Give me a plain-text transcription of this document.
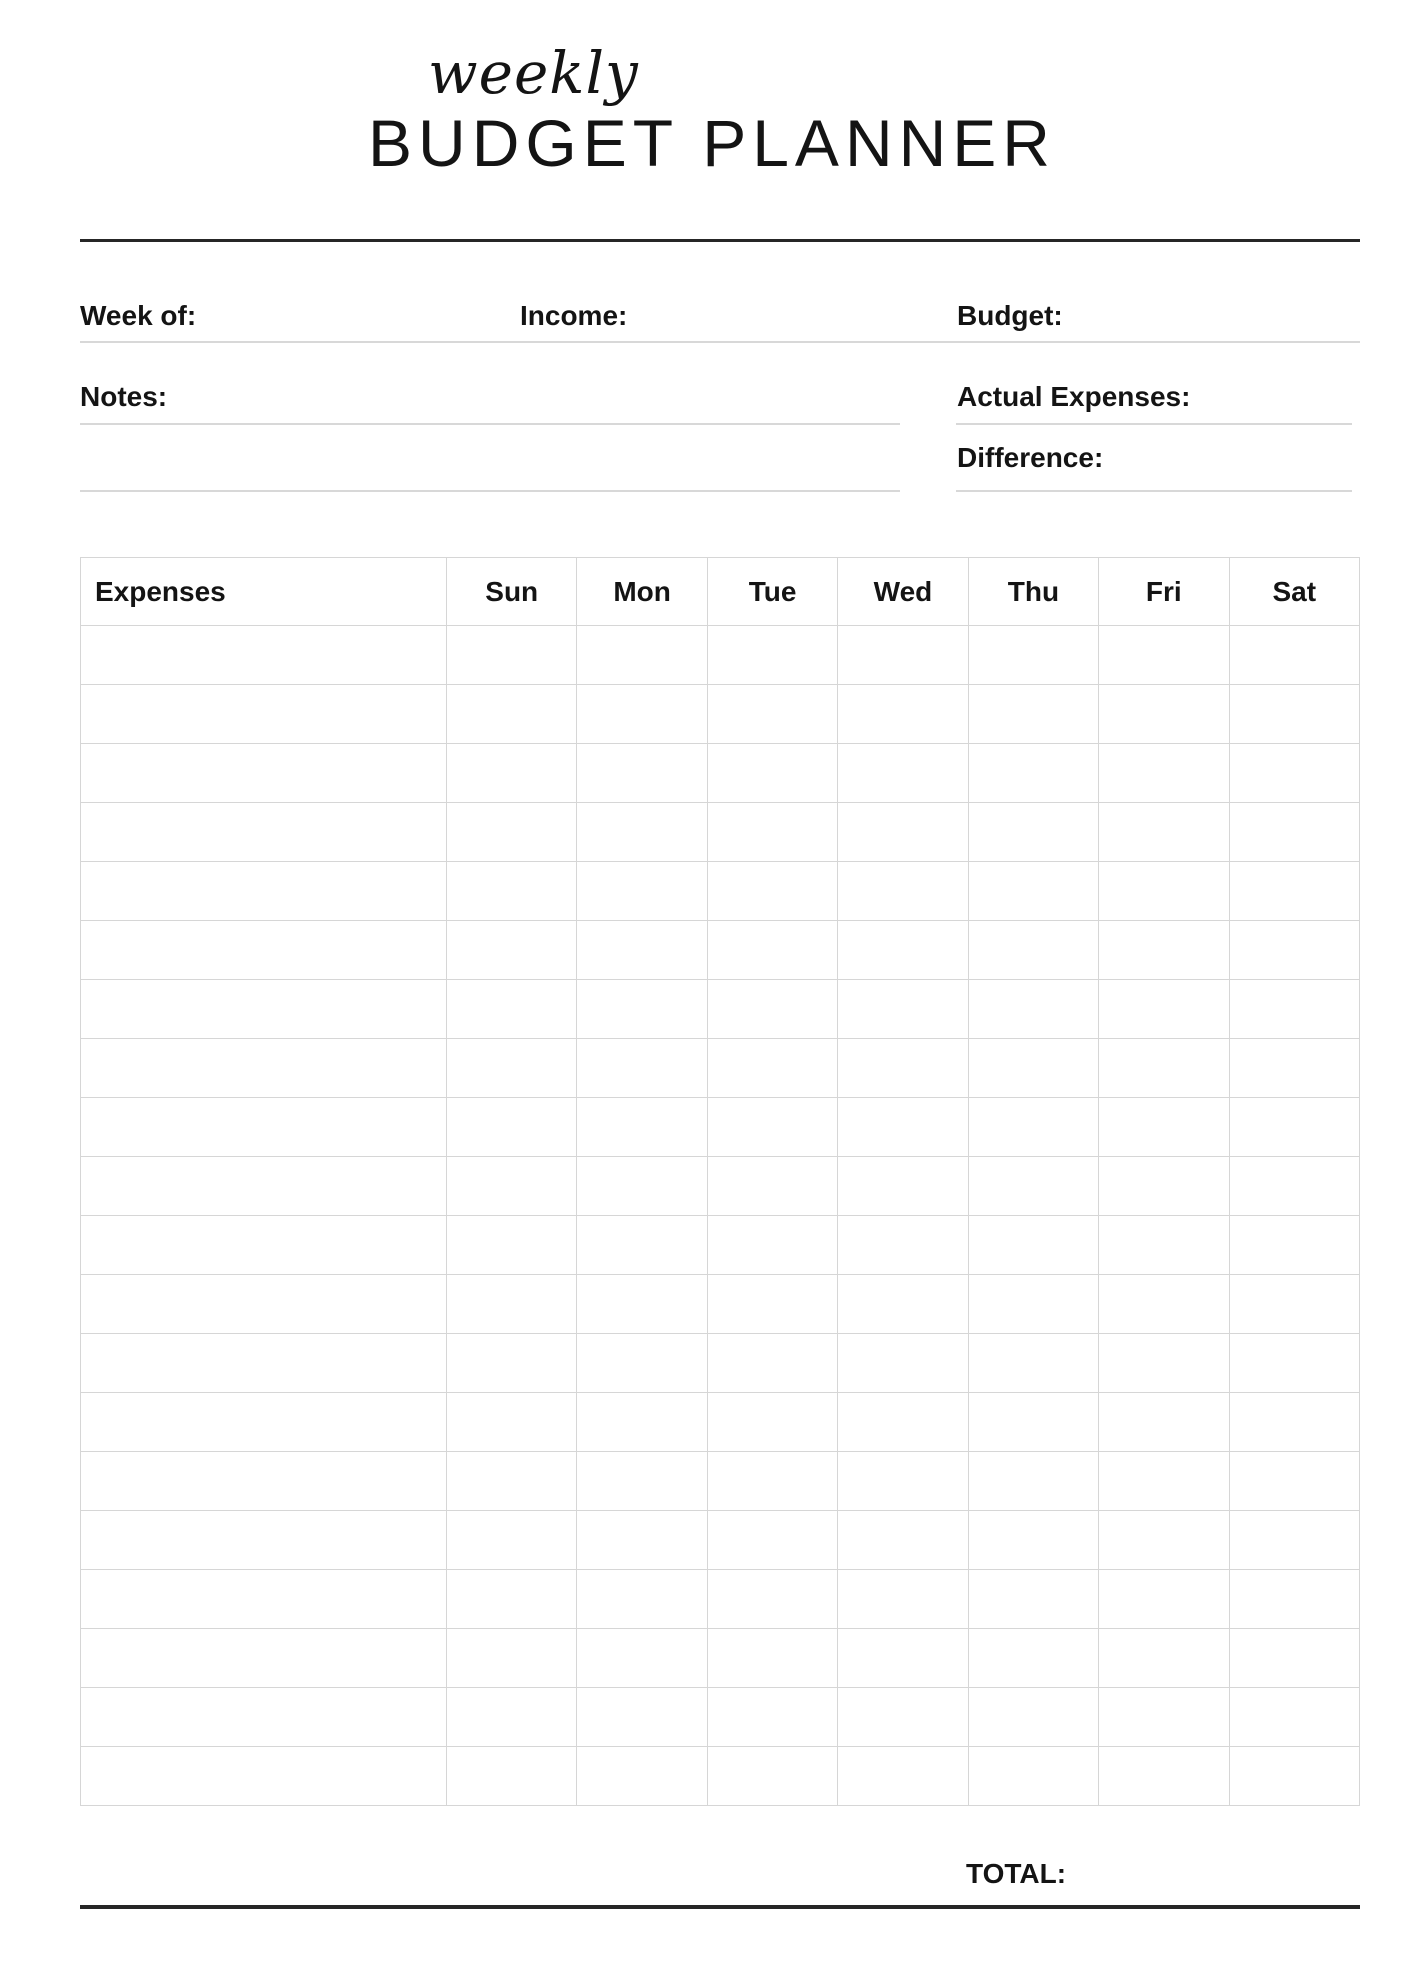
weekly
BUDGET PLANNER
Week of:	Income:	Budget:
Notes:	Actual Expenses:
Difference:
Expenses	Sun	Mon	Tue	Wed	Thu	Fri	Sat

TOTAL:
